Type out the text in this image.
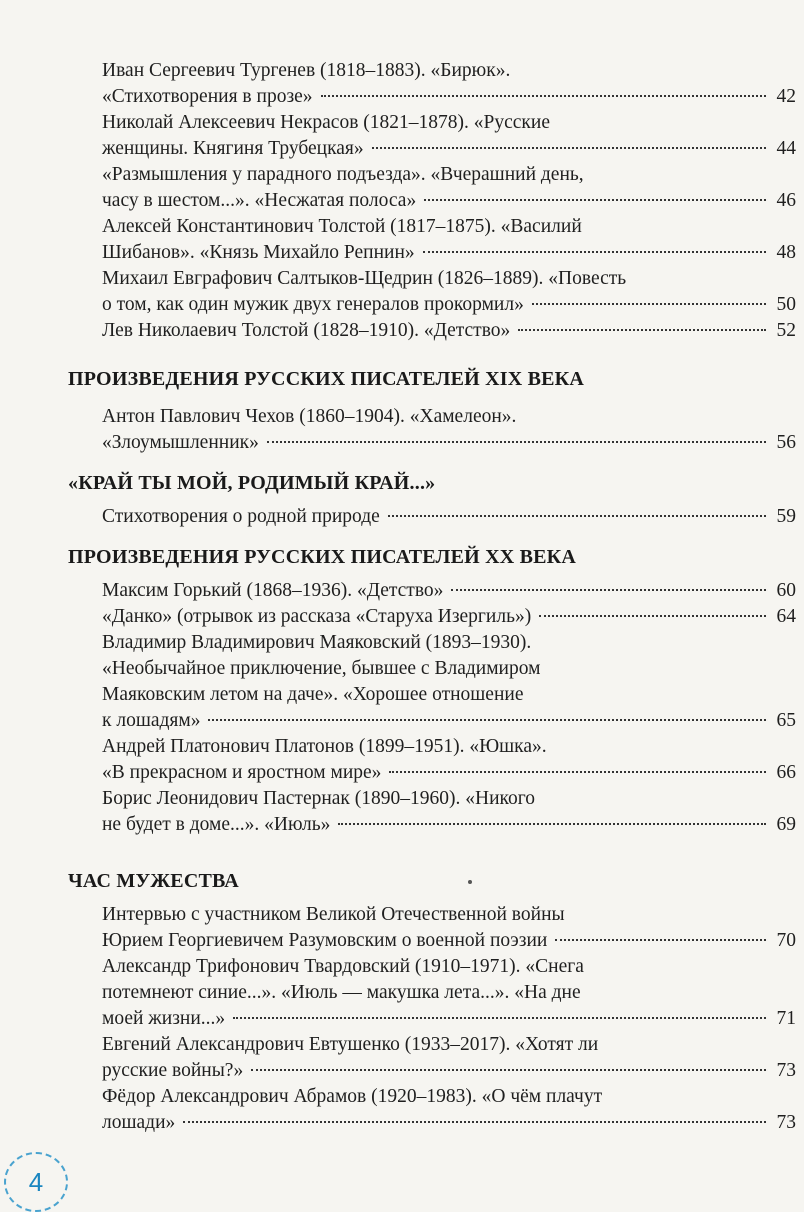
Иван Сергеевич Тургенев (1818–1883). «Бирюк».
«Стихотворения в прозе»	42
Николай Алексеевич Некрасов (1821–1878). «Русские
женщины. Княгиня Трубецкая»	44
«Размышления у парадного подъезда». «Вчерашний день,
часу в шестом...». «Несжатая полоса»	46
Алексей Константинович Толстой (1817–1875). «Василий
Шибанов». «Князь Михайло Репнин»	48
Михаил Евграфович Салтыков-Щедрин (1826–1889). «Повесть
о том, как один мужик двух генералов прокормил»	50
Лев Николаевич Толстой (1828–1910). «Детство»	52
ПРОИЗВЕДЕНИЯ РУССКИХ ПИСАТЕЛЕЙ XIX ВЕКА
Антон Павлович Чехов (1860–1904). «Хамелеон».
«Злоумышленник»	56
«КРАЙ ТЫ МОЙ, РОДИМЫЙ КРАЙ...»
Стихотворения о родной природе	59
ПРОИЗВЕДЕНИЯ РУССКИХ ПИСАТЕЛЕЙ XX ВЕКА
Максим Горький (1868–1936). «Детство»	60
«Данко» (отрывок из рассказа «Старуха Изергиль»)	64
Владимир Владимирович Маяковский (1893–1930).
«Необычайное приключение, бывшее с Владимиром
Маяковским летом на даче». «Хорошее отношение
к лошадям»	65
Андрей Платонович Платонов (1899–1951). «Юшка».
«В прекрасном и яростном мире»	66
Борис Леонидович Пастернак (1890–1960). «Никого
не будет в доме...». «Июль»	69
ЧАС МУЖЕСТВА
Интервью с участником Великой Отечественной войны
Юрием Георгиевичем Разумовским о военной поэзии	70
Александр Трифонович Твардовский (1910–1971). «Снега
потемнеют синие...». «Июль — макушка лета...». «На дне
моей жизни...»	71
Евгений Александрович Евтушенко (1933–2017). «Хотят ли
русские войны?»	73
Фёдор Александрович Абрамов (1920–1983). «О чём плачут
лошади»	73
4
